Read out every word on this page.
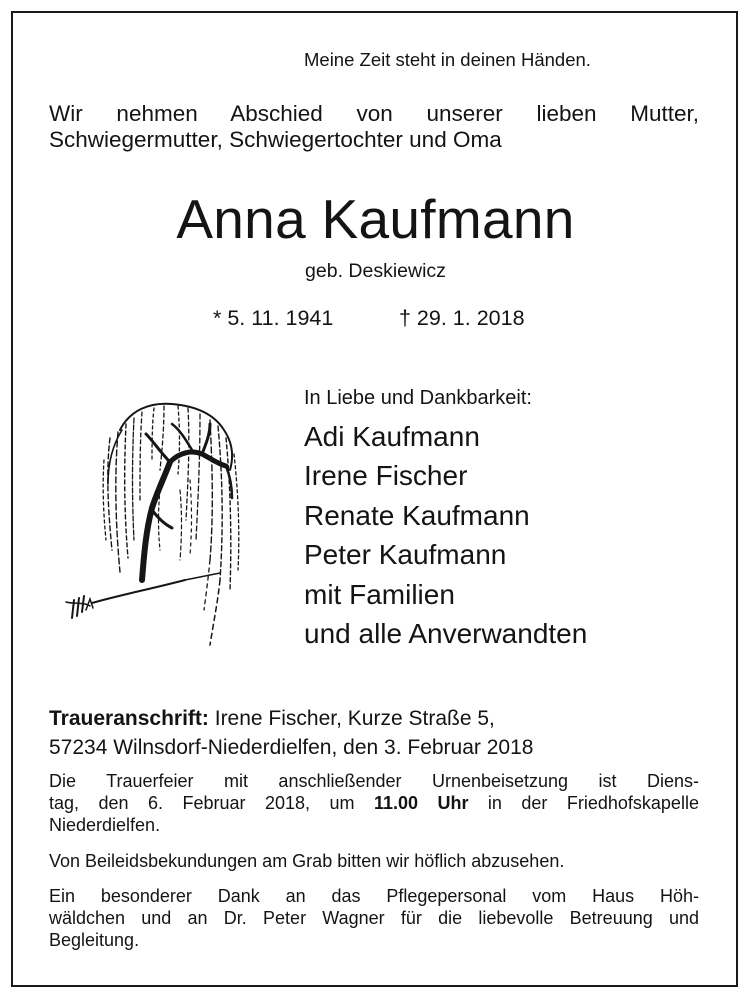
Meine Zeit steht in deinen Händen.
Wir nehmen Abschied von unserer lieben Mutter,
Schwiegermutter, Schwiegertochter und Oma
Anna Kaufmann
geb. Deskiewicz
* 5. 11. 1941	† 29. 1. 2018
In Liebe und Dankbarkeit:
Adi Kaufmann
Irene Fischer
Renate Kaufmann
Peter Kaufmann
mit Familien
und alle Anverwandten
Traueranschrift: Irene Fischer, Kurze Straße 5,
57234 Wilnsdorf-Niederdielfen, den 3. Februar 2018
Die Trauerfeier mit anschließender Urnenbeisetzung ist Diens-
tag, den 6. Februar 2018, um 11.00 Uhr in der Friedhofskapelle
Niederdielfen.
Von Beileidsbekundungen am Grab bitten wir höflich abzusehen.
Ein besonderer Dank an das Pflegepersonal vom Haus Höh-
wäldchen und an Dr. Peter Wagner für die liebevolle Betreuung und
Begleitung.
